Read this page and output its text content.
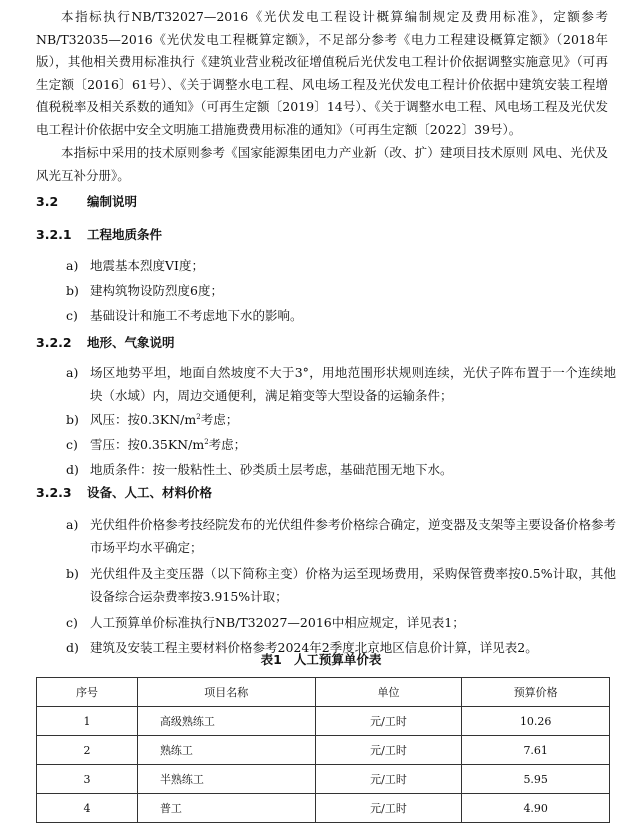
本指标执行NB/T32027—2016《光伏发电工程设计概算编制规定及费用标准》，定额参考NB/T32035—2016《光伏发电工程概算定额》，不足部分参考《电力工程建设概算定额》（2018年版），其他相关费用标准执行《建筑业营业税改征增值税后光伏发电工程计价依据调整实施意见》（可再生定额〔2016〕61号）、《关于调整水电工程、风电场工程及光伏发电工程计价依据中建筑安装工程增值税税率及相关系数的通知》（可再生定额〔2019〕14号）、《关于调整水电工程、风电场工程及光伏发电工程计价依据中安全文明施工措施费费用标准的通知》（可再生定额〔2022〕39号）。

本指标中采用的技术原则参考《国家能源集团电力产业新（改、扩）建项目技术原则 风电、光伏及风光互补分册》。

3.2 编制说明
3.2.1 工程地质条件
a) 地震基本烈度VI度；
b) 建构筑物设防烈度6度；
c) 基础设计和施工不考虑地下水的影响。
3.2.2 地形、气象说明
a) 场区地势平坦，地面自然坡度不大于3°，用地范围形状规则连续，光伏子阵布置于一个连续地块（水域）内，周边交通便利，满足箱变等大型设备的运输条件；
b) 风压：按$0.3KN/m^2$考虑；
c) 雪压：按$0.35KN/m^2$考虑；
d) 地质条件：按一般粘性土、砂类质土层考虑，基础范围无地下水。
3.2.3 设备、人工、材料价格
a) 光伏组件价格参考技经院发布的光伏组件参考价格综合确定，逆变器及支架等主要设备价格参考市场平均水平确定；
b) 光伏组件及主变压器（以下简称主变）价格为运至现场费用，采购保管费率按0.5%计取，其他设备综合运杂费率按3.915%计取；
c) 人工预算单价标准执行NB/T32027—2016中相应规定，详见表1；
d) 建筑及安装工程主要材料价格参考2024年2季度北京地区信息价计算，详见表2。
表1 人工预算单价表
序号	项目名称	单位	预算价格
1	高级熟练工	元/工时	10.26
2	熟练工	元/工时	7.61
3	半熟练工	元/工时	5.95
4	普工	元/工时	4.90
